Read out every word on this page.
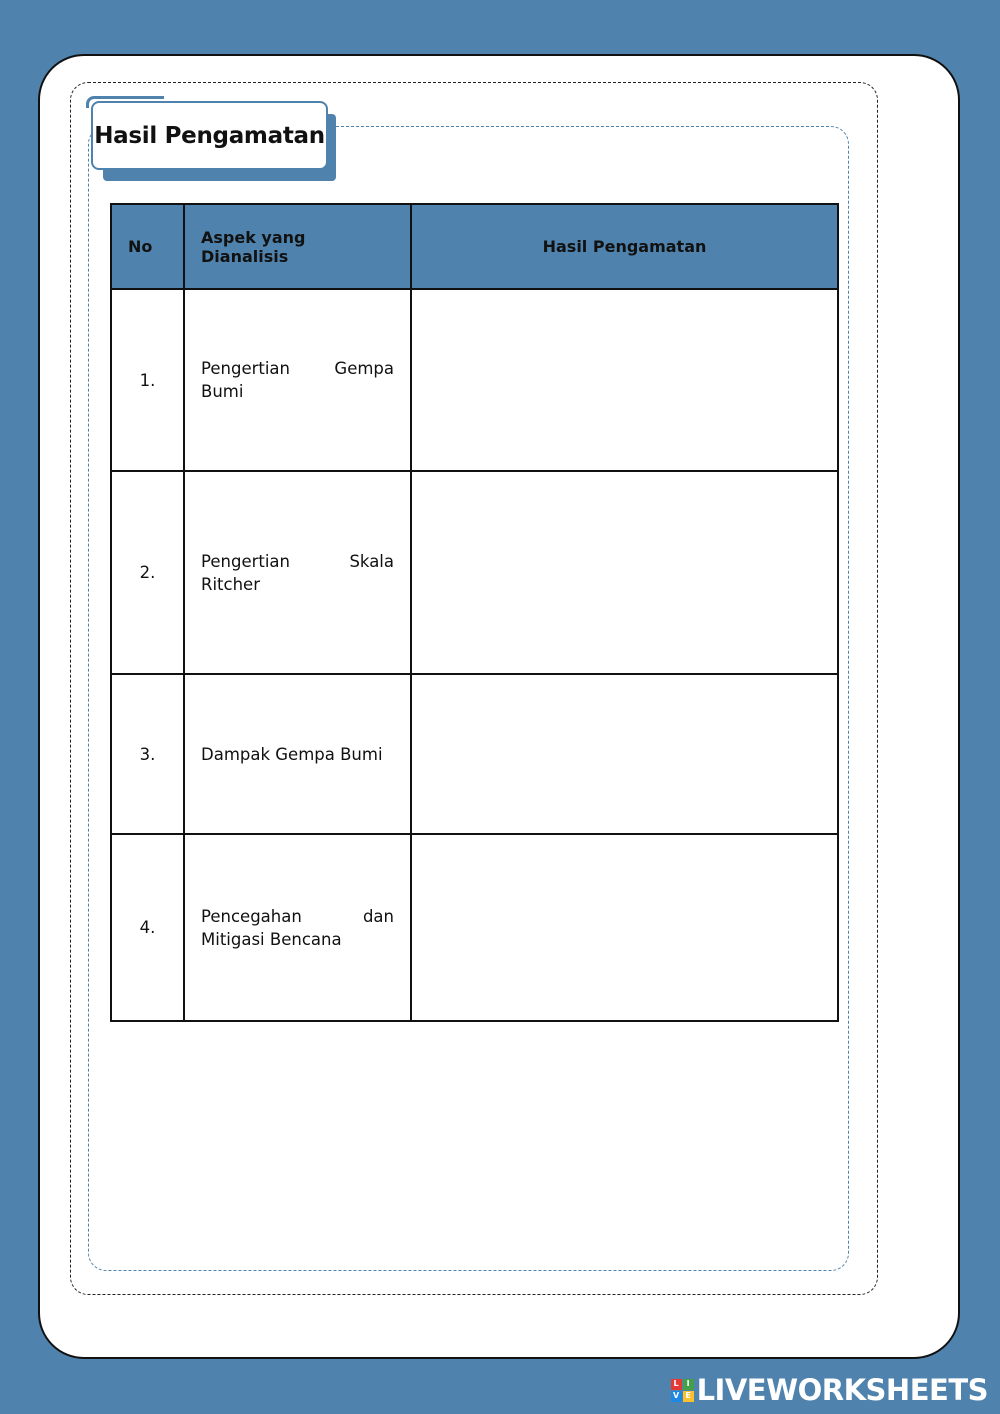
Hasil Pengamatan
No	Aspek yang Dianalisis	Hasil Pengamatan
1.	Pengertian Gempa Bumi	
2.	Pengertian Skala Ritcher	
3.	Dampak Gempa Bumi	
4.	Pencegahan dan Mitigasi Bencana	
L I
V E LIVEWORKSHEETS
